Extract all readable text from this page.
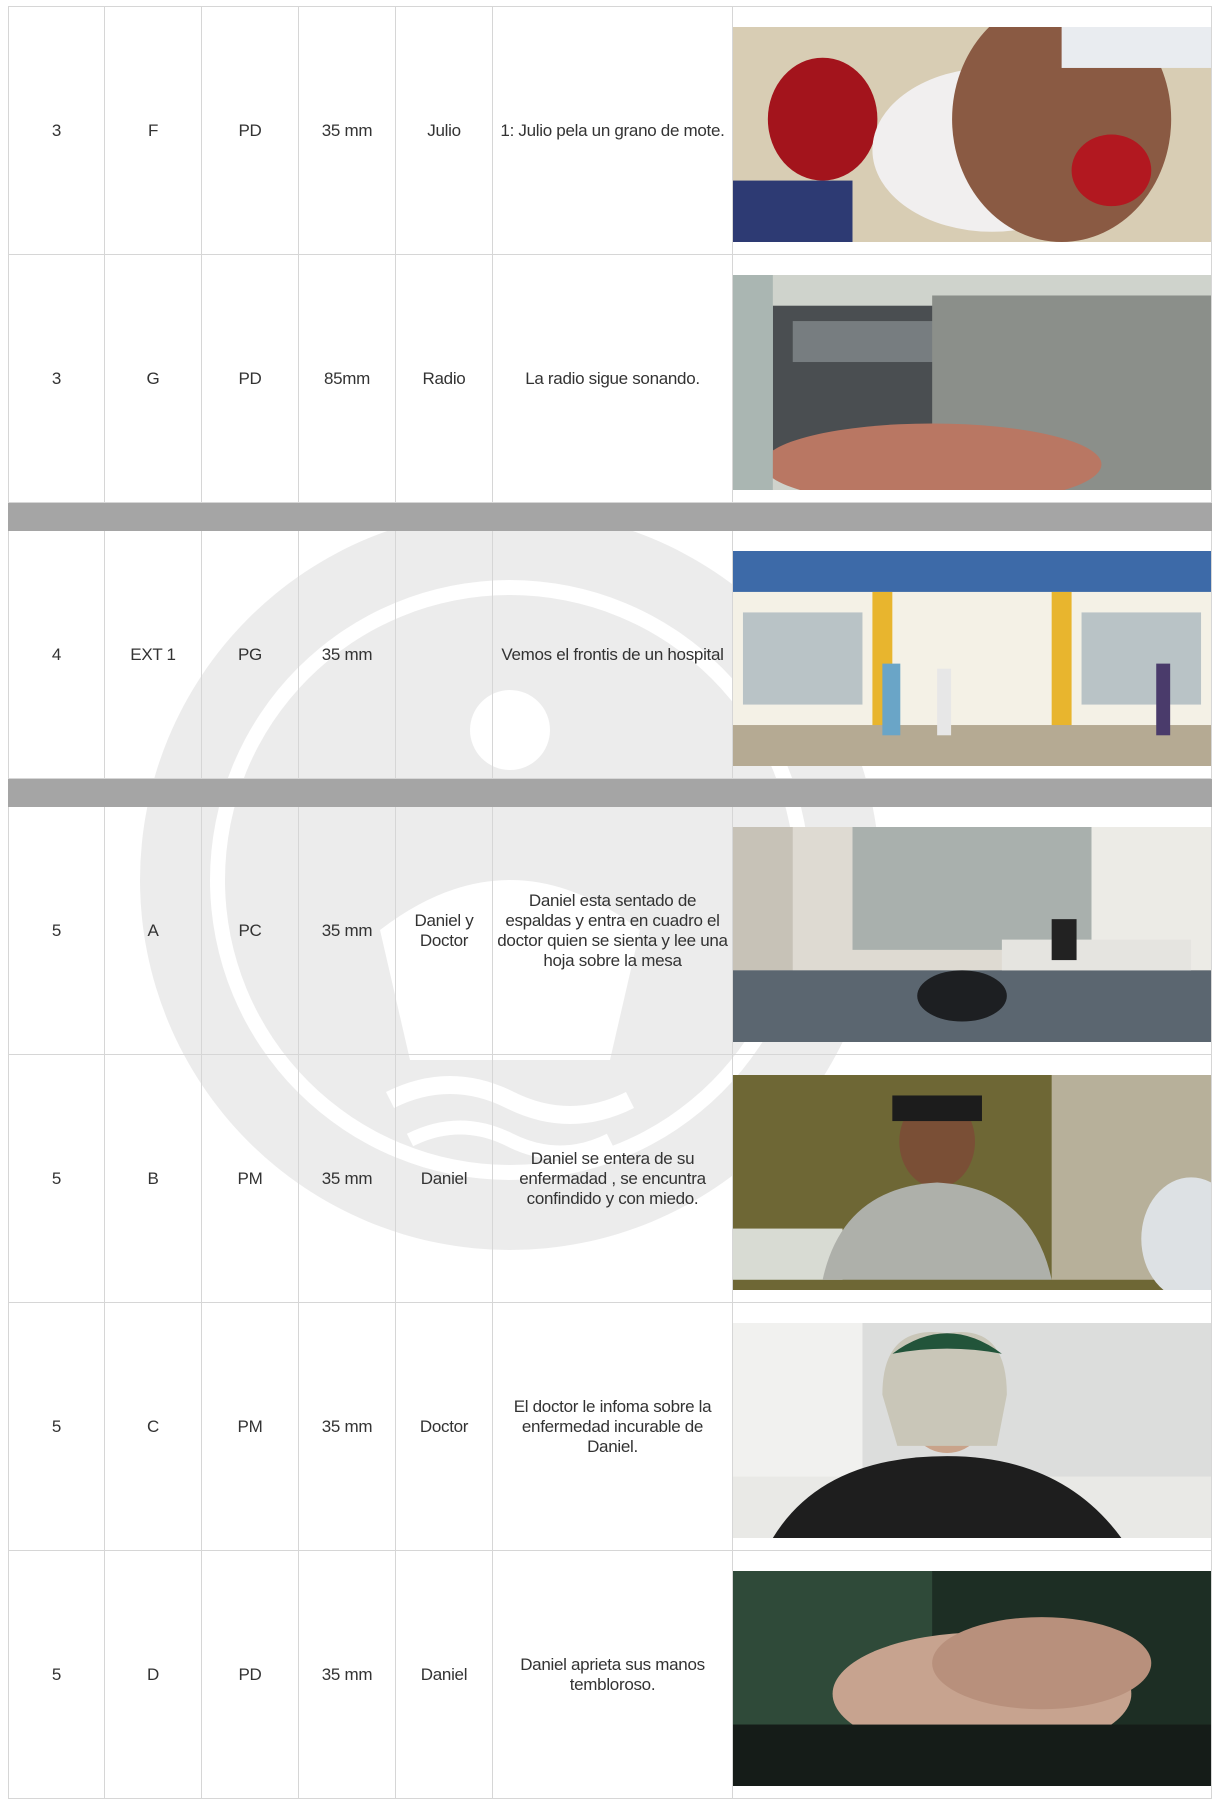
3	F	PD	35 mm	Julio	1: Julio pela un grano de mote.	

3	G	PD	85mm	Radio	La radio sigue sonando.	

4	EXT 1	PG	35 mm		Vemos el frontis de un hospital	

5	A	PC	35 mm	Daniel y Doctor	Daniel esta sentado de espaldas y entra en cuadro el doctor quien se sienta y lee una hoja sobre la mesa	

5	B	PM	35 mm	Daniel	Daniel se entera de su enfermadad , se encuntra confindido y con miedo.	

5	C	PM	35 mm	Doctor	El doctor le infoma sobre la enfermedad incurable de Daniel.	

5	D	PD	35 mm	Daniel	Daniel aprieta sus manos tembloroso.	
